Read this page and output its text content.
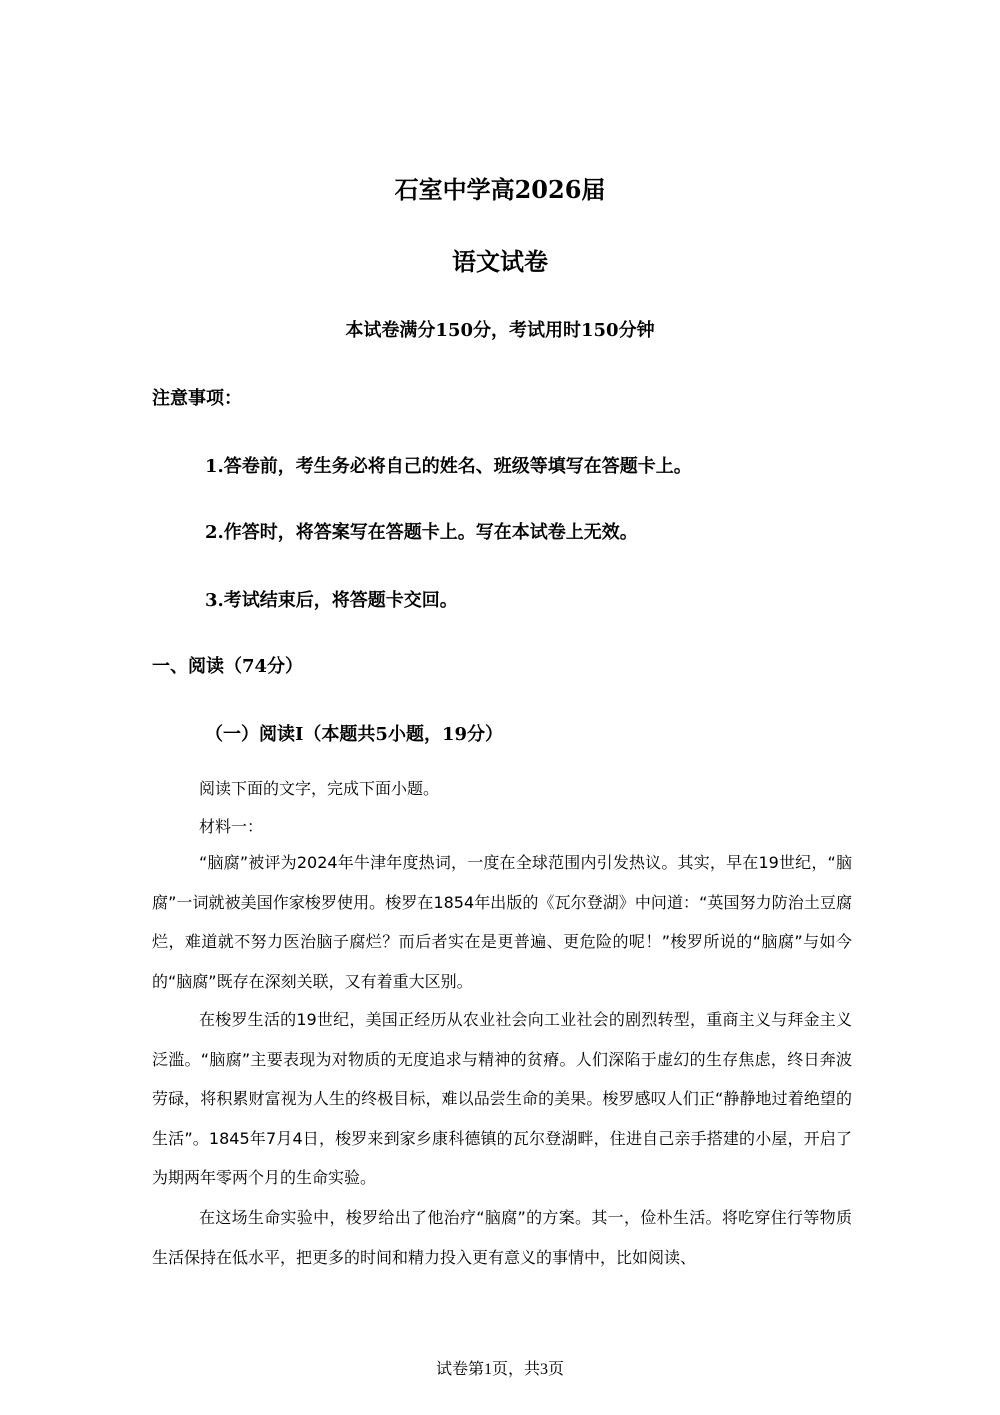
石室中学高2026届
语文试卷
本试卷满分150分，考试用时150分钟
注意事项：
1.答卷前，考生务必将自己的姓名、班级等填写在答题卡上。
2.作答时，将答案写在答题卡上。写在本试卷上无效。
3.考试结束后，将答题卡交回。
一、阅读（74分）
（一）阅读I（本题共5小题，19分）
阅读下面的文字，完成下面小题。
材料一：

“脑腐”被评为2024年牛津年度热词，一度在全球范围内引发热议。其实，早在19世纪，“脑腐”一词就被美国作家梭罗使用。梭罗在1854年出版的《瓦尔登湖》中问道：“英国努力防治土豆腐烂，难道就不努力医治脑子腐烂？而后者实在是更普遍、更危险的呢！”梭罗所说的“脑腐”与如今的“脑腐”既存在深刻关联，又有着重大区别。

在梭罗生活的19世纪，美国正经历从农业社会向工业社会的剧烈转型，重商主义与拜金主义泛滥。“脑腐”主要表现为对物质的无度追求与精神的贫瘠。人们深陷于虚幻的生存焦虑，终日奔波劳碌，将积累财富视为人生的终极目标，难以品尝生命的美果。梭罗感叹人们正“静静地过着绝望的生活”。1845年7月4日，梭罗来到家乡康科德镇的瓦尔登湖畔，住进自己亲手搭建的小屋，开启了为期两年零两个月的生命实验。

在这场生命实验中，梭罗给出了他治疗“脑腐”的方案。其一，俭朴生活。将吃穿住行等物质生活保持在低水平，把更多的时间和精力投入更有意义的事情中，比如阅读、

试卷第1页，共3页
